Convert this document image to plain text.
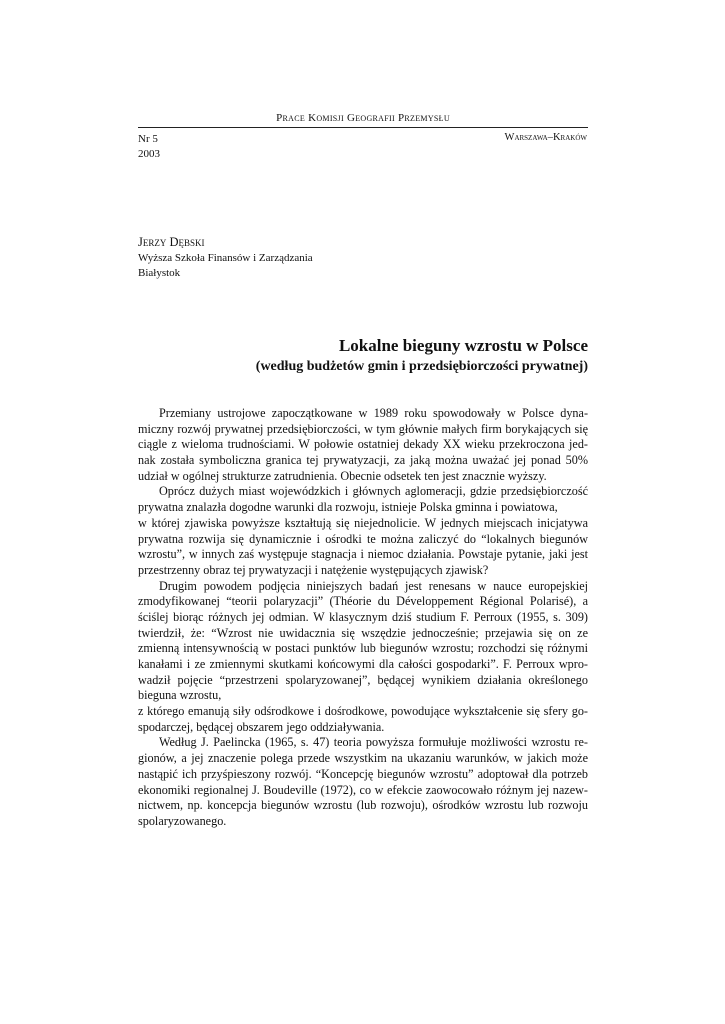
Prace Komisji Geografii Przemysłu
Nr 5
2003
Warszawa–Kraków
Jerzy Dębski
Wyższa Szkoła Finansów i Zarządzania
Białystok
Lokalne bieguny wzrostu w Polsce
(według budżetów gmin i przedsiębiorczości prywatnej)
Przemiany ustrojowe zapoczątkowane w 1989 roku spowodowały w Polsce dyna-
miczny rozwój prywatnej przedsiębiorczości, w tym głównie małych firm borykających się
ciągle z wieloma trudnościami. W połowie ostatniej dekady XX wieku przekroczona jed-
nak została symboliczna granica tej prywatyzacji, za jaką można uważać jej ponad 50%
udział w ogólnej strukturze zatrudnienia. Obecnie odsetek ten jest znacznie wyższy.
Oprócz dużych miast wojewódzkich i głównych aglomeracji, gdzie przedsiębiorczość
prywatna znalazła dogodne warunki dla rozwoju, istnieje Polska gminna i powiatowa,
w której zjawiska powyższe kształtują się niejednolicie. W jednych miejscach inicjatywa
prywatna rozwija się dynamicznie i ośrodki te można zaliczyć do “lokalnych biegunów
wzrostu”, w innych zaś występuje stagnacja i niemoc działania. Powstaje pytanie, jaki jest
przestrzenny obraz tej prywatyzacji i natężenie występujących zjawisk?
Drugim powodem podjęcia niniejszych badań jest renesans w nauce europejskiej
zmodyfikowanej “teorii polaryzacji” (Théorie du Développement Régional Polarisé), a
ściślej biorąc różnych jej odmian. W klasycznym dziś studium F. Perroux (1955, s. 309)
twierdził, że: “Wzrost nie uwidacznia się wszędzie jednocześnie; przejawia się on ze
zmienną intensywnością w postaci punktów lub biegunów wzrostu; rozchodzi się różnymi
kanałami i ze zmiennymi skutkami końcowymi dla całości gospodarki”. F. Perroux wpro-
wadził pojęcie “przestrzeni spolaryzowanej”, będącej wynikiem działania określonego
bieguna wzrostu,
z którego emanują siły odśrodkowe i dośrodkowe, powodujące wykształcenie się sfery go-
spodarczej, będącej obszarem jego oddziaływania.
Według J. Paelincka (1965, s. 47) teoria powyższa formułuje możliwości wzrostu re-
gionów, a jej znaczenie polega przede wszystkim na ukazaniu warunków, w jakich może
nastąpić ich przyśpieszony rozwój. “Koncepcję biegunów wzrostu” adoptował dla potrzeb
ekonomiki regionalnej J. Boudeville (1972), co w efekcie zaowocowało różnym jej nazew-
nictwem, np. koncepcja biegunów wzrostu (lub rozwoju), ośrodków wzrostu lub rozwoju
spolaryzowanego.
